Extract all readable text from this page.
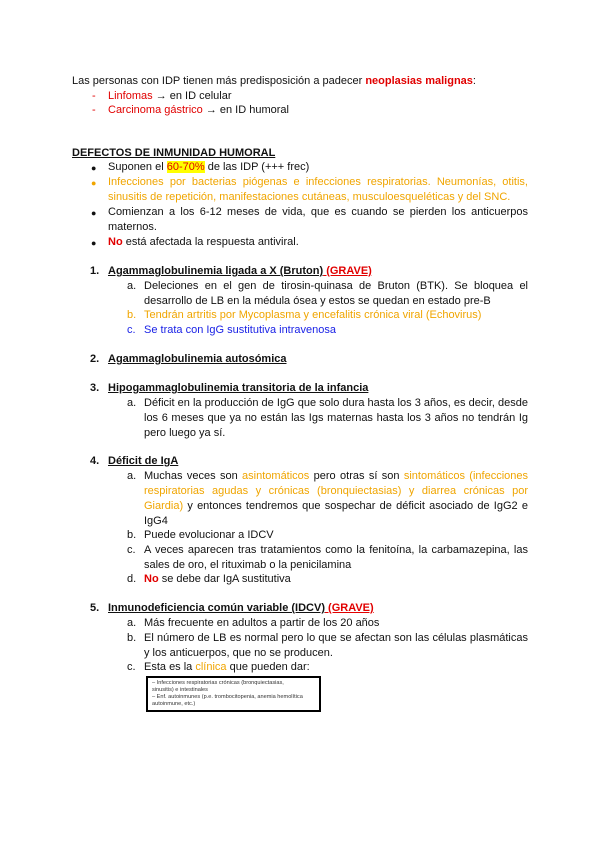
Las personas con IDP tienen más predisposición a padecer neoplasias malignas:
- Linfomas → en ID celular
- Carcinoma gástrico → en ID humoral
DEFECTOS DE INMUNIDAD HUMORAL
● Suponen el 60-70% de las IDP (+++ frec)
● Infecciones por bacterias piógenas e infecciones respiratorias. Neumonías, otitis, sinusitis de repetición, manifestaciones cutáneas, musculoesqueléticas y del SNC.
● Comienzan a los 6-12 meses de vida, que es cuando se pierden los anticuerpos maternos.
● No está afectada la respuesta antiviral.
1. Agammaglobulinemia ligada a X (Bruton) (GRAVE)
a. Deleciones en el gen de tirosin-quinasa de Bruton (BTK). Se bloquea el desarrollo de LB en la médula ósea y estos se quedan en estado pre-B
b. Tendrán artritis por Mycoplasma y encefalitis crónica viral (Echovirus)
c. Se trata con IgG sustitutiva intravenosa
2. Agammaglobulinemia autosómica
3. Hipogammaglobulinemia transitoria de la infancia
a. Déficit en la producción de IgG que solo dura hasta los 3 años, es decir, desde los 6 meses que ya no están las Igs maternas hasta los 3 años no tendrán Ig pero luego ya sí.
4. Déficit de IgA
a. Muchas veces son asintomáticos pero otras sí son sintomáticos (infecciones respiratorias agudas y crónicas (bronquiectasias) y diarrea crónicas por Giardia) y entonces tendremos que sospechar de déficit asociado de IgG2 e IgG4
b. Puede evolucionar a IDCV
c. A veces aparecen tras tratamientos como la fenitoína, la carbamazepina, las sales de oro, el rituximab o la penicilamina
d. No se debe dar IgA sustitutiva
5. Inmunodeficiencia común variable (IDCV) (GRAVE)
a. Más frecuente en adultos a partir de los 20 años
b. El número de LB es normal pero lo que se afectan son las células plasmáticas y los anticuerpos, que no se producen.
c. Esta es la clínica que pueden dar:
– Infecciones respiratorias crónicas (bronquiectasias,
sinusitis) e intestinales
– Enf. autoinmunes (p.e. trombocitopenia, anemia hemolítica
autoinmune, etc.)
